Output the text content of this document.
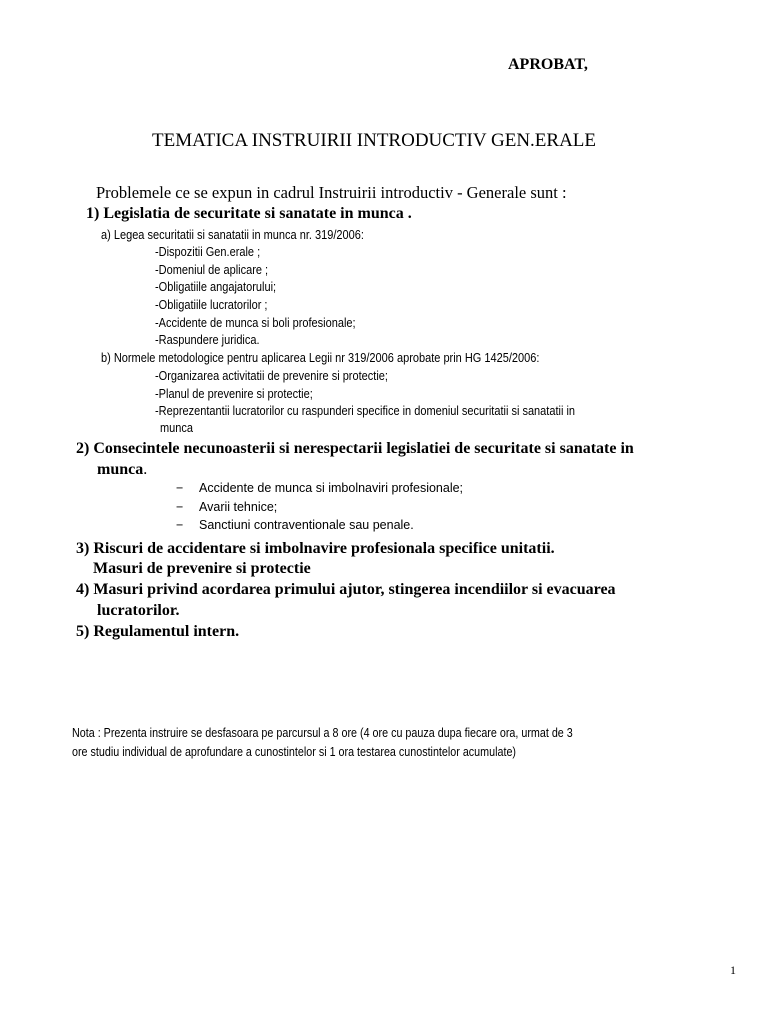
APROBAT,
TEMATICA INSTRUIRII INTRODUCTIV GEN.ERALE
Problemele ce se expun in cadrul Instruirii introductiv - Generale sunt :
1) Legislatia de securitate si sanatate in munca .
a) Legea securitatii si sanatatii in munca nr. 319/2006:
-Dispozitii Gen.erale ;
-Domeniul de aplicare ;
-Obligatiile angajatorului;
-Obligatiile lucratorilor ;
-Accidente de munca si boli profesionale;
-Raspundere juridica.
b) Normele metodologice pentru aplicarea Legii nr 319/2006 aprobate prin HG 1425/2006:
-Organizarea activitatii de prevenire si protectie;
-Planul de prevenire si protectie;
-Reprezentantii lucratorilor cu raspunderi specifice in domeniul securitatii si sanatatii in
munca
2) Consecintele necunoasterii si nerespectarii legislatiei de securitate si sanatate in
munca.
− Accidente de munca si imbolnaviri profesionale;
− Avarii tehnice;
− Sanctiuni contraventionale sau penale.
3) Riscuri de accidentare si imbolnavire profesionala specifice unitatii.
Masuri de prevenire si protectie
4) Masuri privind acordarea primului ajutor, stingerea incendiilor si evacuarea
lucratorilor.
5) Regulamentul intern.
Nota : Prezenta instruire se desfasoara pe parcursul a 8 ore (4 ore cu pauza dupa fiecare ora, urmat de 3
ore studiu individual de aprofundare a cunostintelor si 1 ora testarea cunostintelor acumulate)
1
